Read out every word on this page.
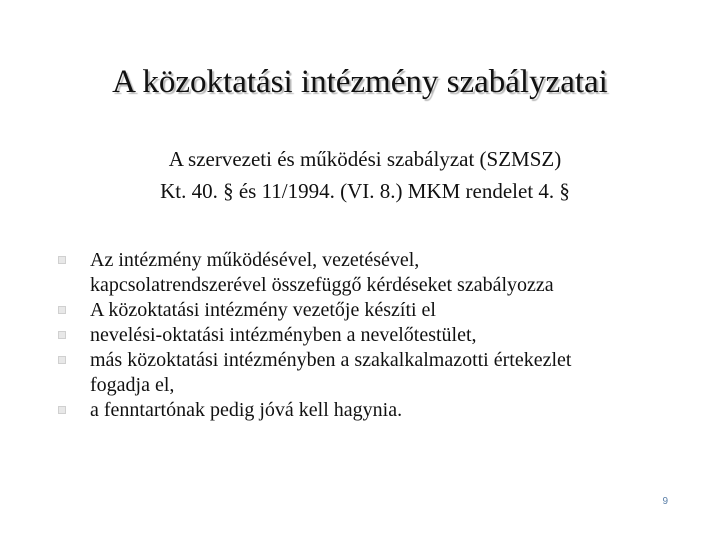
A közoktatási intézmény szabályzatai
A szervezeti és működési szabályzat (SZMSZ)
Kt. 40. § és 11/1994. (VI. 8.) MKM rendelet 4. §
Az intézmény működésével, vezetésével,
kapcsolatrendszerével összefüggő kérdéseket szabályozza
A közoktatási intézmény vezetője készíti el
nevelési-oktatási intézményben a nevelőtestület,
más közoktatási intézményben a szakalkalmazotti értekezlet
fogadja el,
a fenntartónak pedig jóvá kell hagynia.
9
